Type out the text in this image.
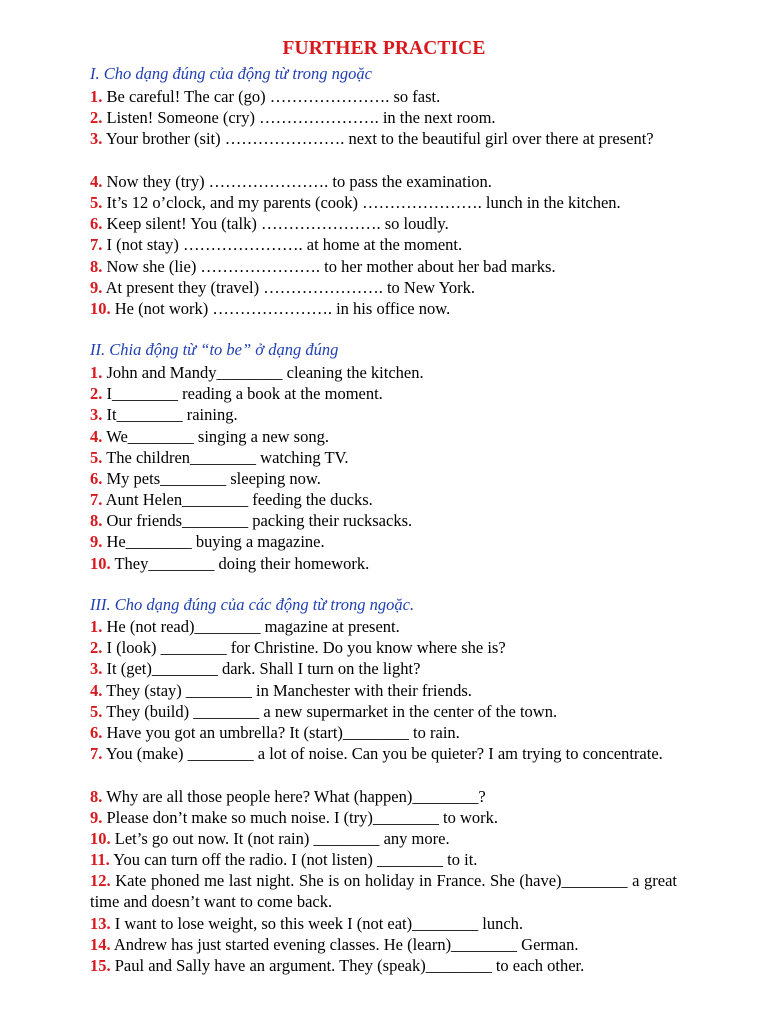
FURTHER PRACTICE
I. Cho dạng đúng của động từ trong ngoặc
1. Be careful! The car (go) …………………. so fast.
2. Listen! Someone (cry) …………………. in the next room.
3. Your brother (sit) …………………. next to the beautiful girl over there at present?
4. Now they (try) …………………. to pass the examination.
5. It’s 12 o’clock, and my parents (cook) …………………. lunch in the kitchen.
6. Keep silent! You (talk) …………………. so loudly.
7. I (not stay) …………………. at home at the moment.
8. Now she (lie) …………………. to her mother about her bad marks.
9. At present they (travel) …………………. to New York.
10. He (not work) …………………. in his office now.
II. Chia động từ “to be” ở dạng đúng
1. John and Mandy________ cleaning the kitchen.
2. I________ reading a book at the moment.
3. It________ raining.
4. We________ singing a new song.
5. The children________ watching TV.
6. My pets________ sleeping now.
7. Aunt Helen________ feeding the ducks.
8. Our friends________ packing their rucksacks.
9. He________ buying a magazine.
10. They________ doing their homework.
III. Cho dạng đúng của các động từ trong ngoặc.
1. He (not read)________ magazine at present.
2. I (look) ________ for Christine. Do you know where she is?
3. It (get)________ dark. Shall I turn on the light?
4. They (stay) ________ in Manchester with their friends.
5. They (build) ________ a new supermarket in the center of the town.
6. Have you got an umbrella? It (start)________ to rain.
7. You (make) ________ a lot of noise. Can you be quieter? I am trying to concentrate.
8. Why are all those people here? What (happen)________?
9. Please don’t make so much noise. I (try)________ to work.
10. Let’s go out now. It (not rain) ________ any more.
11. You can turn off the radio. I (not listen) ________ to it.
12. Kate phoned me last night. She is on holiday in France. She (have)________ a great time and doesn’t want to come back.
13. I want to lose weight, so this week I (not eat)________ lunch.
14. Andrew has just started evening classes. He (learn)________ German.
15. Paul and Sally have an argument. They (speak)________ to each other.
